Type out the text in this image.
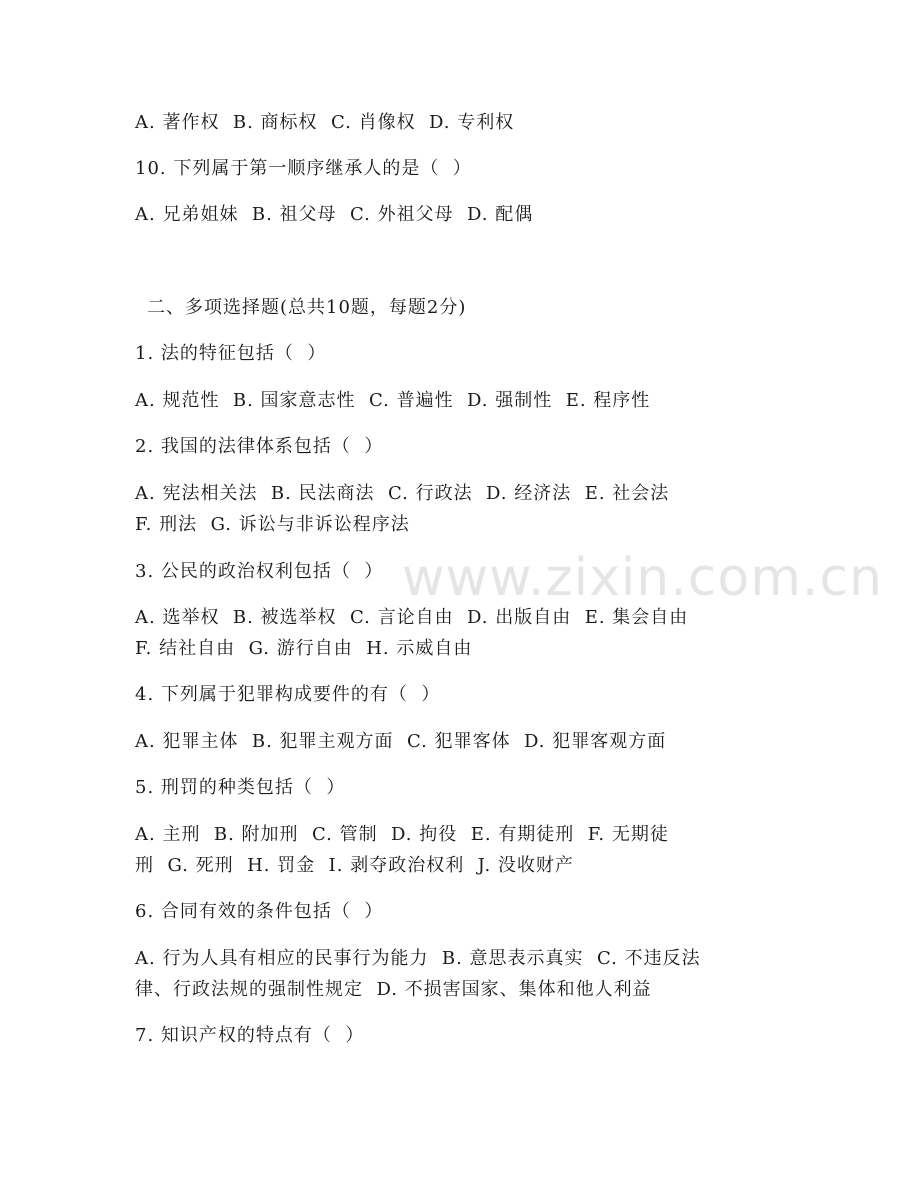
www.zixin.com.cn
A. 著作权  B. 商标权  C. 肖像权  D. 专利权
10. 下列属于第一顺序继承人的是（  ）
A. 兄弟姐妹  B. 祖父母  C. 外祖父母  D. 配偶
二、多项选择题(总共10题，每题2分)
1. 法的特征包括（  ）
A. 规范性  B. 国家意志性  C. 普遍性  D. 强制性  E. 程序性
2. 我国的法律体系包括（  ）
A. 宪法相关法  B. 民法商法  C. 行政法  D. 经济法  E. 社会法
F. 刑法  G. 诉讼与非诉讼程序法
3. 公民的政治权利包括（  ）
A. 选举权  B. 被选举权  C. 言论自由  D. 出版自由  E. 集会自由
F. 结社自由  G. 游行自由  H. 示威自由
4. 下列属于犯罪构成要件的有（  ）
A. 犯罪主体  B. 犯罪主观方面  C. 犯罪客体  D. 犯罪客观方面
5. 刑罚的种类包括（  ）
A. 主刑  B. 附加刑  C. 管制  D. 拘役  E. 有期徒刑  F. 无期徒
刑  G. 死刑  H. 罚金  I. 剥夺政治权利  J. 没收财产
6. 合同有效的条件包括（  ）
A. 行为人具有相应的民事行为能力  B. 意思表示真实  C. 不违反法
律、行政法规的强制性规定  D. 不损害国家、集体和他人利益
7. 知识产权的特点有（  ）
